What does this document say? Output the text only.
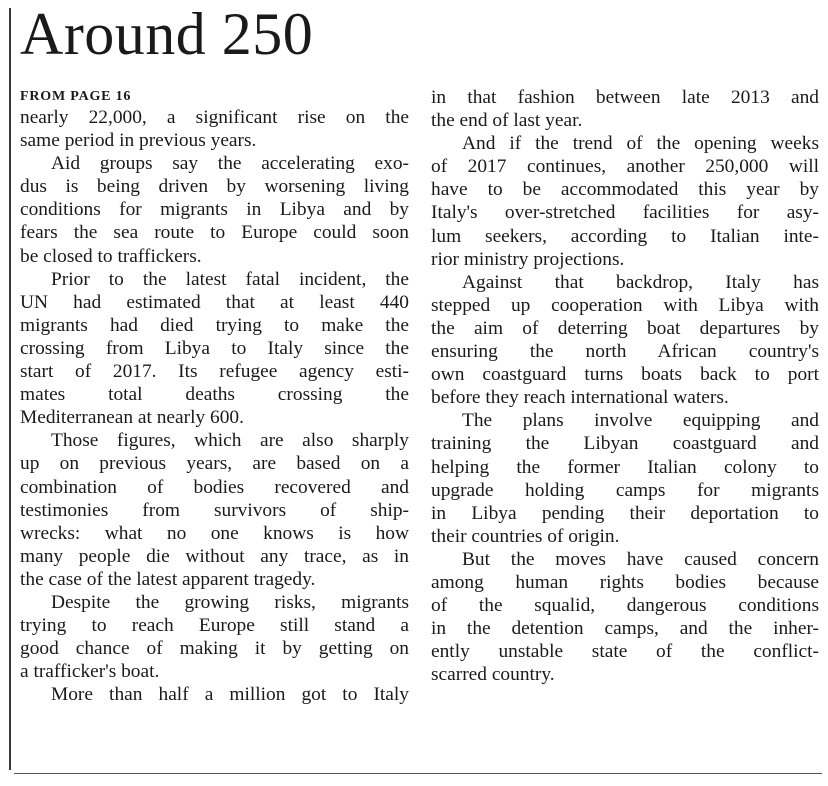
Around 250
FROM PAGE 16
nearly 22,000, a significant rise on the
same period in previous years.
Aid groups say the accelerating exo-
dus is being driven by worsening living
conditions for migrants in Libya and by
fears the sea route to Europe could soon
be closed to traffickers.
Prior to the latest fatal incident, the
UN had estimated that at least 440
migrants had died trying to make the
crossing from Libya to Italy since the
start of 2017. Its refugee agency esti-
mates total deaths crossing the
Mediterranean at nearly 600.
Those figures, which are also sharply
up on previous years, are based on a
combination of bodies recovered and
testimonies from survivors of ship-
wrecks: what no one knows is how
many people die without any trace, as in
the case of the latest apparent tragedy.
Despite the growing risks, migrants
trying to reach Europe still stand a
good chance of making it by getting on
a trafficker's boat.
More than half a million got to Italy
in that fashion between late 2013 and
the end of last year.
And if the trend of the opening weeks
of 2017 continues, another 250,000 will
have to be accommodated this year by
Italy's over-stretched facilities for asy-
lum seekers, according to Italian inte-
rior ministry projections.
Against that backdrop, Italy has
stepped up cooperation with Libya with
the aim of deterring boat departures by
ensuring the north African country's
own coastguard turns boats back to port
before they reach international waters.
The plans involve equipping and
training the Libyan coastguard and
helping the former Italian colony to
upgrade holding camps for migrants
in Libya pending their deportation to
their countries of origin.
But the moves have caused concern
among human rights bodies because
of the squalid, dangerous conditions
in the detention camps, and the inher-
ently unstable state of the conflict-
scarred country.
